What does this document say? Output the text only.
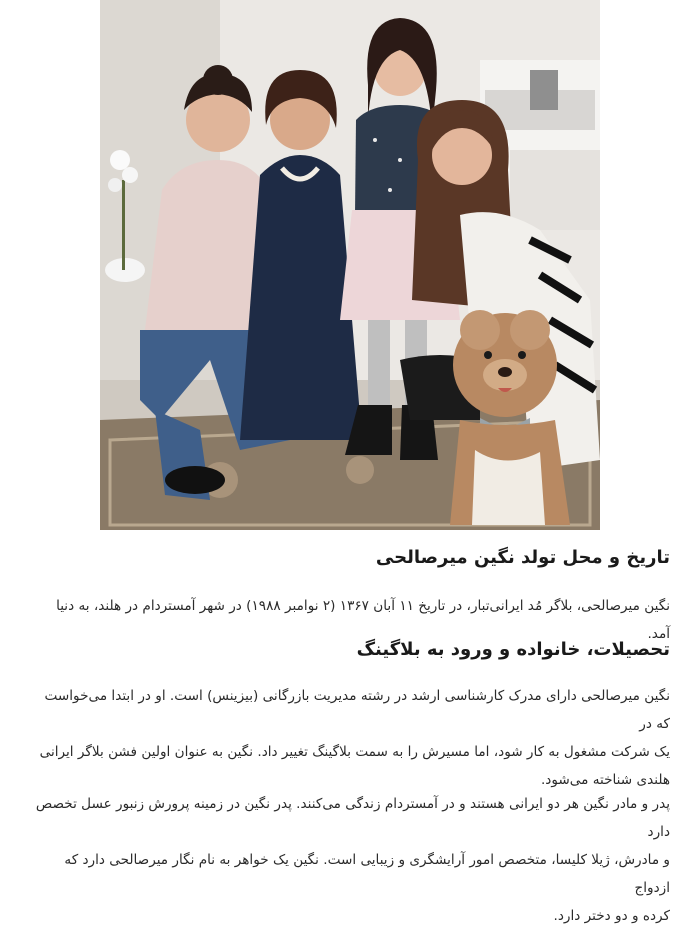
تاریخ و محل تولد نگین میرصالحی
نگین میرصالحی، بلاگر مُد ایرانی‌تبار، در تاریخ ۱۱ آبان ۱۳۶۷ (۲ نوامبر ۱۹۸۸) در شهر آمستردام در هلند، به دنیا آمد.
تحصیلات، خانواده و ورود به بلاگینگ
نگین میرصالحی دارای مدرک کارشناسی ارشد در رشته مدیریت بازرگانی (بیزینس) است. او در ابتدا می‌خواست که در
یک شرکت مشغول به کار شود، اما مسیرش را به سمت بلاگینگ تغییر داد. نگین به عنوان اولین فشن بلاگر ایرانی
هلندی شناخته می‌شود.
پدر و مادر نگین هر دو ایرانی هستند و در آمستردام زندگی می‌کنند. پدر نگین در زمینه پرورش زنبور عسل تخصص دارد
و مادرش، ژیلا کلیسا، متخصص امور آرایشگری و زیبایی است. نگین یک خواهر به نام نگار میرصالحی دارد که ازدواج
کرده و دو دختر دارد.
